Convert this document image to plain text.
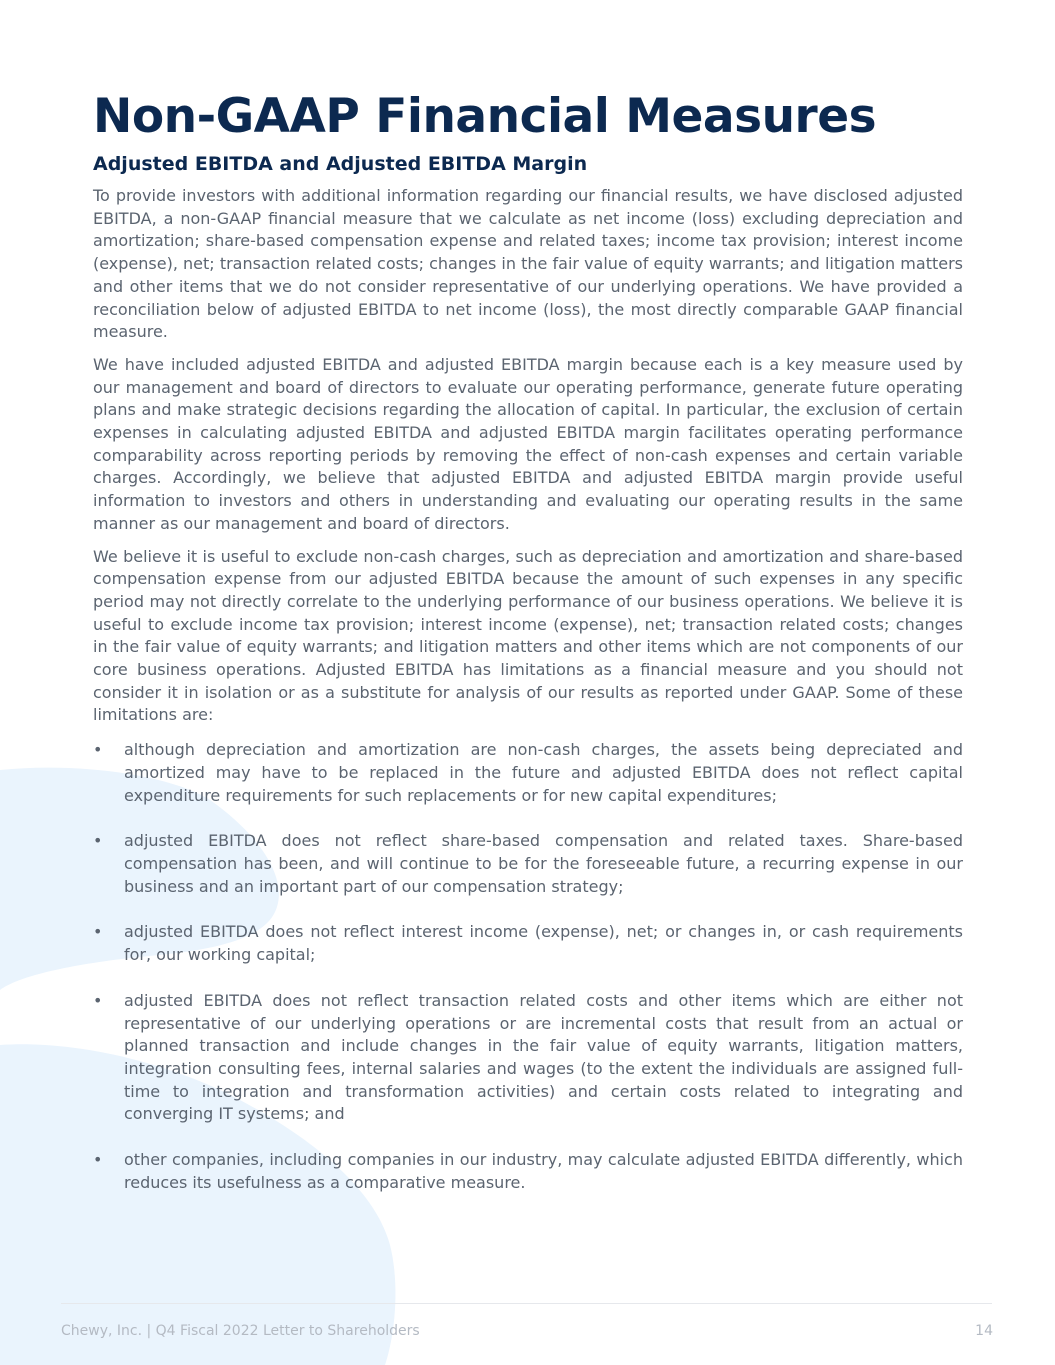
Non-GAAP Financial Measures
Adjusted EBITDA and Adjusted EBITDA Margin

To provide investors with additional information regarding our financial results, we have disclosed adjusted EBITDA, a non-GAAP financial measure that we calculate as net income (loss) excluding depreciation and amortization; share-based compensation expense and related taxes; income tax provision; interest income (expense), net; transaction related costs; changes in the fair value of equity warrants; and litigation matters and other items that we do not consider representative of our underlying operations. We have provided a reconciliation below of adjusted EBITDA to net income (loss), the most directly comparable GAAP financial measure.

We have included adjusted EBITDA and adjusted EBITDA margin because each is a key measure used by our management and board of directors to evaluate our operating performance, generate future operating plans and make strategic decisions regarding the allocation of capital. In particular, the exclusion of certain expenses in calculating adjusted EBITDA and adjusted EBITDA margin facilitates operating performance comparability across reporting periods by removing the effect of non-cash expenses and certain variable charges. Accordingly, we believe that adjusted EBITDA and adjusted EBITDA margin provide useful information to investors and others in understanding and evaluating our operating results in the same manner as our management and board of directors.

We believe it is useful to exclude non-cash charges, such as depreciation and amortization and share-based compensation expense from our adjusted EBITDA because the amount of such expenses in any specific period may not directly correlate to the underlying performance of our business operations. We believe it is useful to exclude income tax provision; interest income (expense), net; transaction related costs; changes in the fair value of equity warrants; and litigation matters and other items which are not components of our core business operations. Adjusted EBITDA has limitations as a financial measure and you should not consider it in isolation or as a substitute for analysis of our results as reported under GAAP. Some of these limitations are:

• although depreciation and amortization are non-cash charges, the assets being depreciated and amortized may have to be replaced in the future and adjusted EBITDA does not reflect capital expenditure requirements for such replacements or for new capital expenditures;
• adjusted EBITDA does not reflect share-based compensation and related taxes. Share-based compensation has been, and will continue to be for the foreseeable future, a recurring expense in our business and an important part of our compensation strategy;
• adjusted EBITDA does not reflect interest income (expense), net; or changes in, or cash requirements for, our working capital;
• adjusted EBITDA does not reflect transaction related costs and other items which are either not representative of our underlying operations or are incremental costs that result from an actual or planned transaction and include changes in the fair value of equity warrants, litigation matters, integration consulting fees, internal salaries and wages (to the extent the individuals are assigned full-time to integration and transformation activities) and certain costs related to integrating and converging IT systems; and
• other companies, including companies in our industry, may calculate adjusted EBITDA differently, which reduces its usefulness as a comparative measure.
Chewy, Inc. | Q4 Fiscal 2022 Letter to Shareholders	14
